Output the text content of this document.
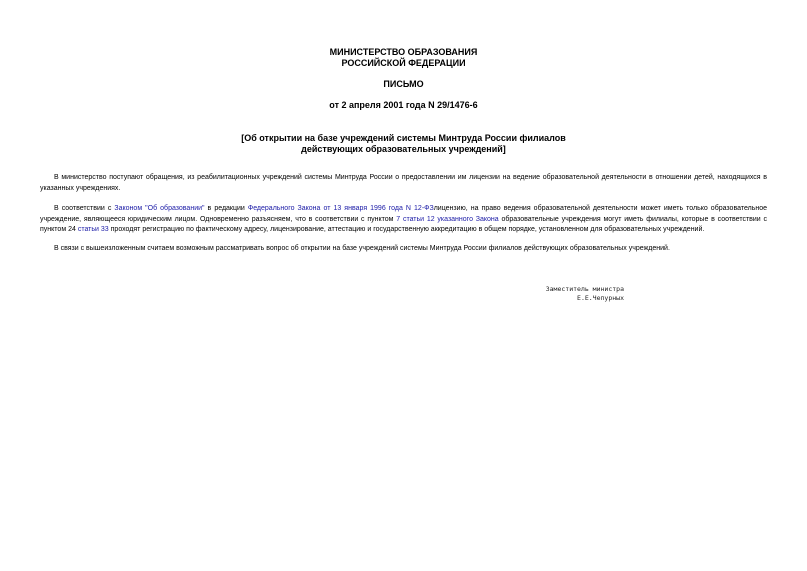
МИНИСТЕРСТВО ОБРАЗОВАНИЯ
РОССИЙСКОЙ ФЕДЕРАЦИИ
ПИСЬМО
от 2 апреля 2001 года N 29/1476-6
[Об открытии на базе учреждений системы Минтруда России филиалов
действующих образовательных учреждений]

В министерство поступают обращения, из реабилитационных учреждений системы Минтруда России о предоставлении им лицензии на ведение образовательной деятельности в отношении детей, находящихся в указанных учреждениях.

В соответствии с Законом "Об образовании" в редакции Федерального Закона от 13 января 1996 года N 12-ФЗлицензию, на право ведения образовательной деятельности может иметь только образовательное учреждение, являющееся юридическим лицом. Одновременно разъясняем, что в соответствии с пунктом 7 статьи 12 указанного Закона образовательные учреждения могут иметь филиалы, которые в соответствии с пунктом 24 статьи 33 проходят регистрацию по фактическому адресу, лицензирование, аттестацию и государственную аккредитацию в общем порядке, установленном для образовательных учреждений.

В связи с вышеизложенным считаем возможным рассматривать вопрос об открытии на базе учреждений системы Минтруда России филиалов действующих образовательных учреждений.

Заместитель министра
Е.Е.Чепурных
